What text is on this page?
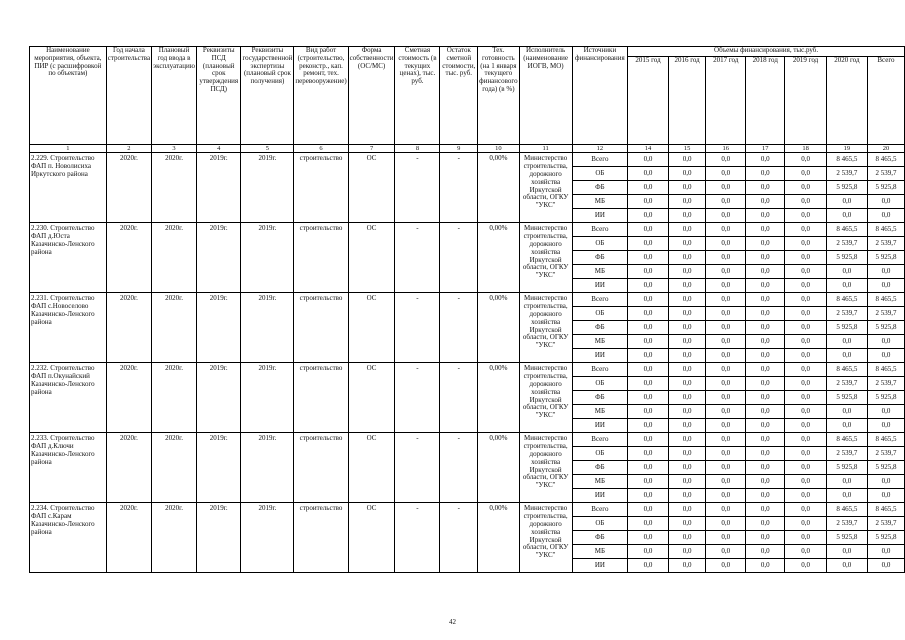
Наименование мероприятия, объекта, ПИР (с расшифровкой по объектам)	Год начала строительства	Плановый год ввода в эксплуатацию	Реквизиты ПСД (плановый срок утверждения ПСД)	Реквизиты государственной экспертизы (плановый срок получения)	Вид работ (строительство, реконстр., кап. ремонт, тех. перевооружение)	Форма собственности (ОС/МС)	Сметная стоимость (в текущих ценах), тыс. руб.	Остаток сметной стоимости, тыс. руб.	Тех. готовность (на 1 января текущего финансового года) (в %)	Исполнитель (наименование ИОГВ, МО)	Источники финансирования	Объемы финансирования, тыс.руб.						
												2015 год	2016 год	2017 год	2018 год	2019 год	2020 год	Всего
1	2	3	4	5	6	7	8	9	10	11	12	14	15	16	17	18	19	20
2.229. Строительство ФАП п. Новолисиха Иркутского района	2020г.	2020г.	2019г.	2019г.	строительство	ОС	-	-	0,00%	Министерство строительства, дорожного хозяйства Иркутской области, ОГКУ "УКС"	Всего	0,0	0,0	0,0	0,0	0,0	8 465,5	8 465,5
											ОБ	0,0	0,0	0,0	0,0	0,0	2 539,7	2 539,7
											ФБ	0,0	0,0	0,0	0,0	0,0	5 925,8	5 925,8
											МБ	0,0	0,0	0,0	0,0	0,0	0,0	0,0
											ИИ	0,0	0,0	0,0	0,0	0,0	0,0	0,0
2.230. Строительство ФАП д.Юста Казачинско-Ленского района	2020г.	2020г.	2019г.	2019г.	строительство	ОС	-	-	0,00%	Министерство строительства, дорожного хозяйства Иркутской области, ОГКУ "УКС"	Всего	0,0	0,0	0,0	0,0	0,0	8 465,5	8 465,5
											ОБ	0,0	0,0	0,0	0,0	0,0	2 539,7	2 539,7
											ФБ	0,0	0,0	0,0	0,0	0,0	5 925,8	5 925,8
											МБ	0,0	0,0	0,0	0,0	0,0	0,0	0,0
											ИИ	0,0	0,0	0,0	0,0	0,0	0,0	0,0
2.231. Строительство ФАП с.Новоселово Казачинско-Ленского района	2020г.	2020г.	2019г.	2019г.	строительство	ОС	-	-	0,00%	Министерство строительства, дорожного хозяйства Иркутской области, ОГКУ "УКС"	Всего	0,0	0,0	0,0	0,0	0,0	8 465,5	8 465,5
											ОБ	0,0	0,0	0,0	0,0	0,0	2 539,7	2 539,7
											ФБ	0,0	0,0	0,0	0,0	0,0	5 925,8	5 925,8
											МБ	0,0	0,0	0,0	0,0	0,0	0,0	0,0
											ИИ	0,0	0,0	0,0	0,0	0,0	0,0	0,0
2.232. Строительство ФАП п.Окунайский Казачинско-Ленского района	2020г.	2020г.	2019г.	2019г.	строительство	ОС	-	-	0,00%	Министерство строительства, дорожного хозяйства Иркутской области, ОГКУ "УКС"	Всего	0,0	0,0	0,0	0,0	0,0	8 465,5	8 465,5
											ОБ	0,0	0,0	0,0	0,0	0,0	2 539,7	2 539,7
											ФБ	0,0	0,0	0,0	0,0	0,0	5 925,8	5 925,8
											МБ	0,0	0,0	0,0	0,0	0,0	0,0	0,0
											ИИ	0,0	0,0	0,0	0,0	0,0	0,0	0,0
2.233. Строительство ФАП д.Ключи Казачинско-Ленского района	2020г.	2020г.	2019г.	2019г.	строительство	ОС	-	-	0,00%	Министерство строительства, дорожного хозяйства Иркутской области, ОГКУ "УКС"	Всего	0,0	0,0	0,0	0,0	0,0	8 465,5	8 465,5
											ОБ	0,0	0,0	0,0	0,0	0,0	2 539,7	2 539,7
											ФБ	0,0	0,0	0,0	0,0	0,0	5 925,8	5 925,8
											МБ	0,0	0,0	0,0	0,0	0,0	0,0	0,0
											ИИ	0,0	0,0	0,0	0,0	0,0	0,0	0,0
2.234. Строительство ФАП с.Карам Казачинско-Ленского района	2020г.	2020г.	2019г.	2019г.	строительство	ОС	-	-	0,00%	Министерство строительства, дорожного хозяйства Иркутской области, ОГКУ "УКС"	Всего	0,0	0,0	0,0	0,0	0,0	8 465,5	8 465,5
											ОБ	0,0	0,0	0,0	0,0	0,0	2 539,7	2 539,7
											ФБ	0,0	0,0	0,0	0,0	0,0	5 925,8	5 925,8
											МБ	0,0	0,0	0,0	0,0	0,0	0,0	0,0
											ИИ	0,0	0,0	0,0	0,0	0,0	0,0	0,0
42
